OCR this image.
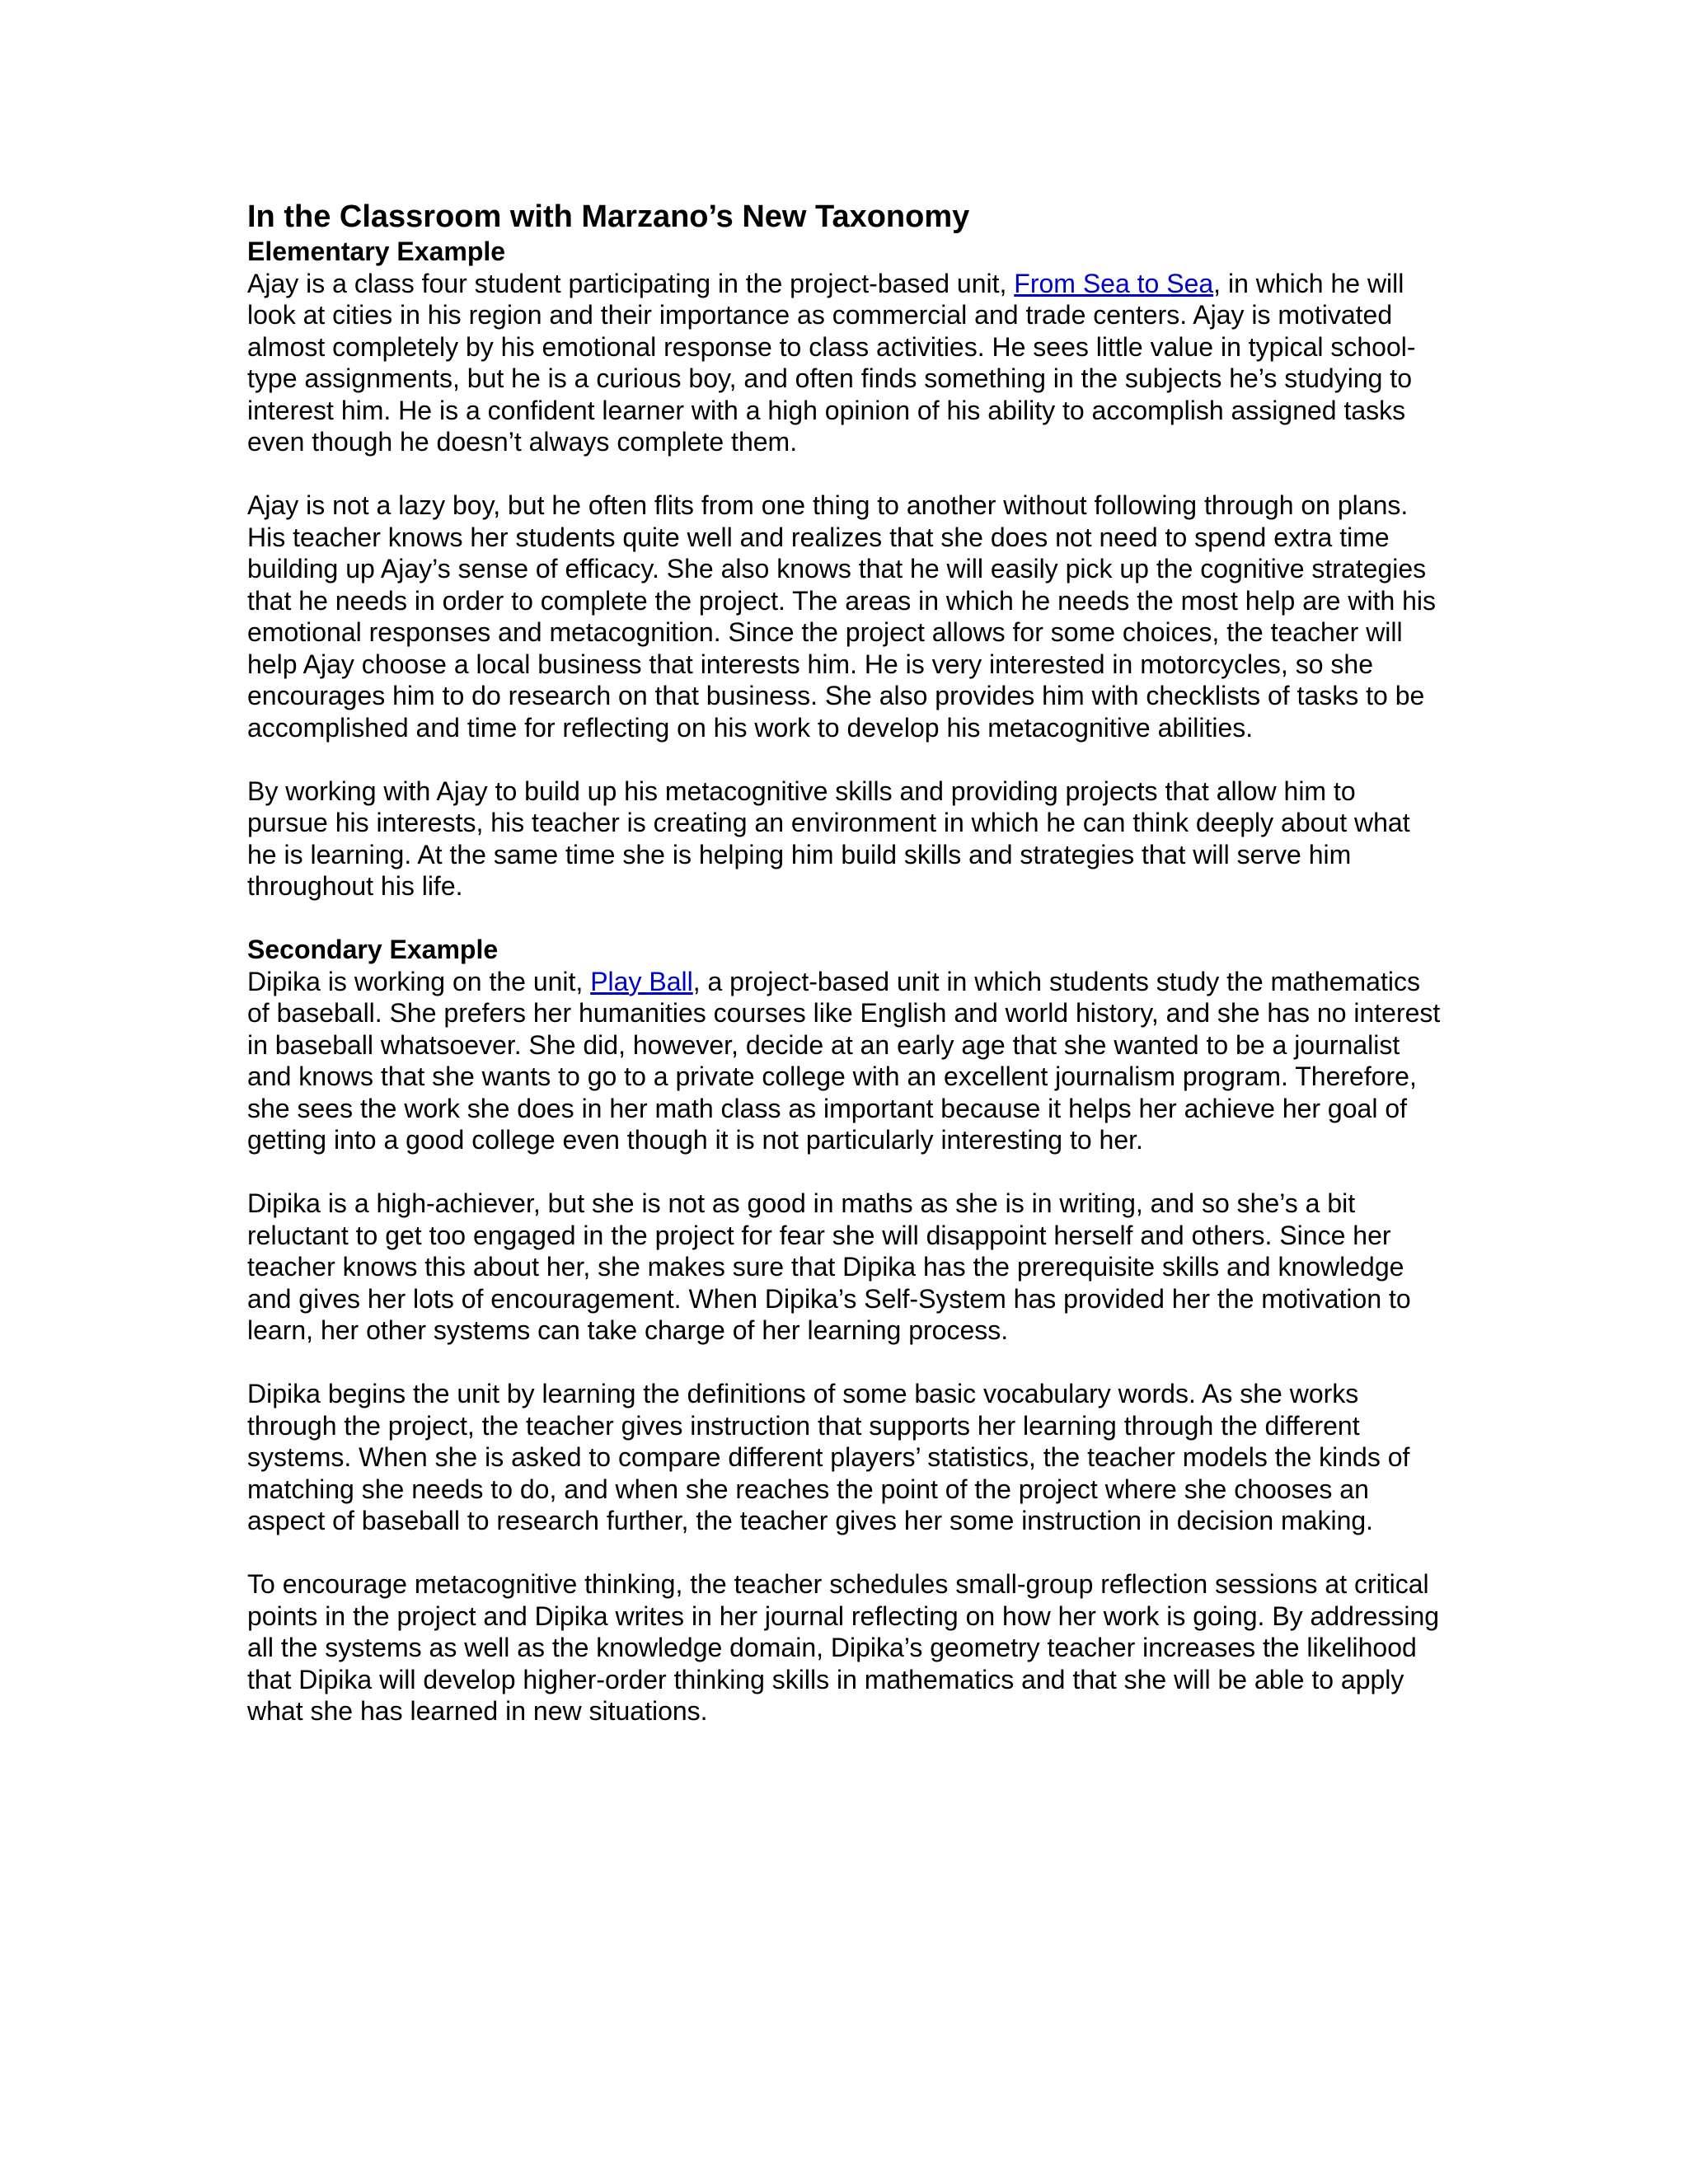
In the Classroom with Marzano’s New Taxonomy
Elementary Example

Ajay is a class four student participating in the project-based unit, From Sea to Sea, in which he will look at cities in his region and their importance as commercial and trade centers. Ajay is motivated almost completely by his emotional response to class activities. He sees little value in typical school-type assignments, but he is a curious boy, and often finds something in the subjects he’s studying to interest him. He is a confident learner with a high opinion of his ability to accomplish assigned tasks even though he doesn’t always complete them.

Ajay is not a lazy boy, but he often flits from one thing to another without following through on plans. His teacher knows her students quite well and realizes that she does not need to spend extra time building up Ajay’s sense of efficacy. She also knows that he will easily pick up the cognitive strategies that he needs in order to complete the project. The areas in which he needs the most help are with his emotional responses and metacognition. Since the project allows for some choices, the teacher will help Ajay choose a local business that interests him. He is very interested in motorcycles, so she encourages him to do research on that business. She also provides him with checklists of tasks to be accomplished and time for reflecting on his work to develop his metacognitive abilities.

By working with Ajay to build up his metacognitive skills and providing projects that allow him to pursue his interests, his teacher is creating an environment in which he can think deeply about what he is learning. At the same time she is helping him build skills and strategies that will serve him throughout his life.

Secondary Example

Dipika is working on the unit, Play Ball, a project-based unit in which students study the mathematics of baseball. She prefers her humanities courses like English and world history, and she has no interest in baseball whatsoever. She did, however, decide at an early age that she wanted to be a journalist and knows that she wants to go to a private college with an excellent journalism program. Therefore, she sees the work she does in her math class as important because it helps her achieve her goal of getting into a good college even though it is not particularly interesting to her.

Dipika is a high-achiever, but she is not as good in maths as she is in writing, and so she’s a bit reluctant to get too engaged in the project for fear she will disappoint herself and others. Since her teacher knows this about her, she makes sure that Dipika has the prerequisite skills and knowledge and gives her lots of encouragement. When Dipika’s Self-System has provided her the motivation to learn, her other systems can take charge of her learning process.

Dipika begins the unit by learning the definitions of some basic vocabulary words. As she works through the project, the teacher gives instruction that supports her learning through the different systems. When she is asked to compare different players’ statistics, the teacher models the kinds of matching she needs to do, and when she reaches the point of the project where she chooses an aspect of baseball to research further, the teacher gives her some instruction in decision making.

To encourage metacognitive thinking, the teacher schedules small-group reflection sessions at critical points in the project and Dipika writes in her journal reflecting on how her work is going. By addressing all the systems as well as the knowledge domain, Dipika’s geometry teacher increases the likelihood that Dipika will develop higher-order thinking skills in mathematics and that she will be able to apply what she has learned in new situations.
